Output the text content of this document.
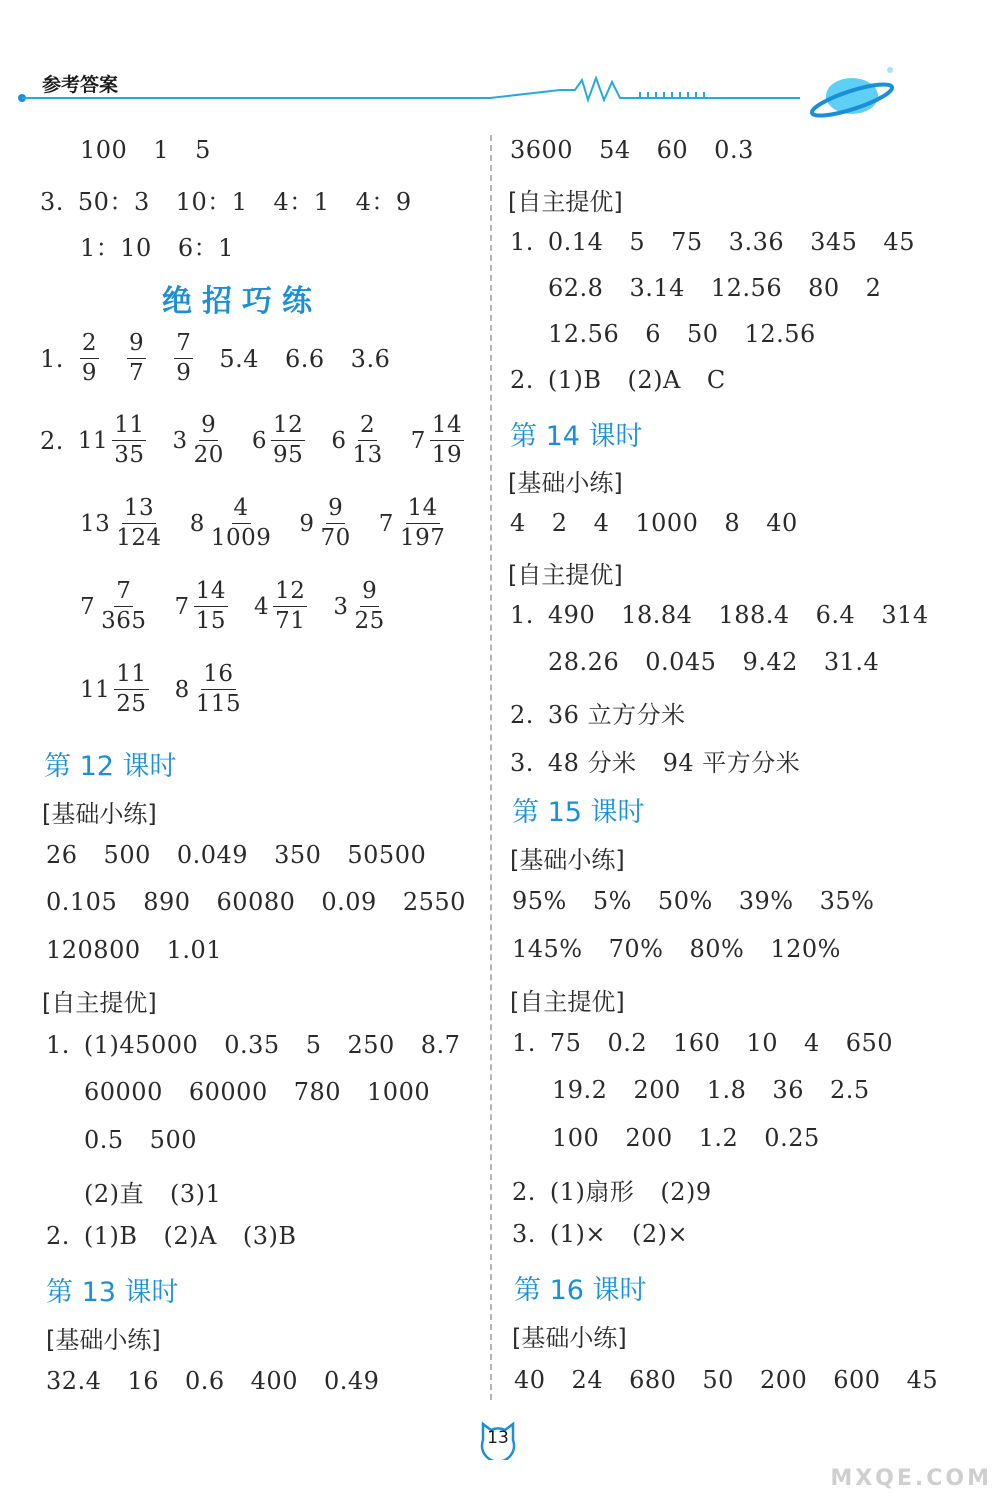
参考答案
100 1 5
3. 50：3 10：1 4：1 4：9
1：10 6：1
绝招巧练
1. $\frac{2}{9} \frac{9}{7} \frac{7}{9} 5.4$ 6.6 3.6
2. $11 \frac{11}{35} 3 \frac{9}{20} 6 \frac{12}{95} 6 \frac{2}{13} 7 \frac{14}{19}$
$13 \frac{13}{124} 8 \frac{4}{1009} 9 \frac{9}{70} 7 \frac{14}{197}$
$7 \frac{7}{365} 7 \frac{14}{15} 4 \frac{12}{71} 3 \frac{9}{25}$
$11 \frac{11}{25} 8 \frac{16}{115}$
第 12 课时
[基础小练]
26 500 0.049 350 50500
0.105 890 60080 0.09 2550
120800 1.01
[自主提优]
1. (1)45000 0.35 5 250 8.7
60000 60000 780 1000
0.5 500
(2)直 (3)1
2. (1)B (2)A (3)B
第 13 课时
[基础小练]
32.4 16 0.6 400 0.49
3600 54 60 0.3
[自主提优]
1. 0.14 5 75 3.36 345 45
62.8 3.14 12.56 80 2
12.56 6 50 12.56
2. (1)B (2)A C
第 14 课时
[基础小练]
4 2 4 1000 8 40
[自主提优]
1. 490 18.84 188.4 6.4 314
28.26 0.045 9.42 31.4
2. 36 立方分米
3. 48 分米 94 平方分米
第 15 课时
[基础小练]
95% 5% 50% 39% 35%
145% 70% 80% 120%
[自主提优]
1. 75 0.2 160 10 4 650
19.2 200 1.8 36 2.5
100 200 1.2 0.25
2. (1)扇形 (2)9
3. (1)× (2)×
第 16 课时
[基础小练]
40 24 680 50 200 600 45
13
MXQE.COM
